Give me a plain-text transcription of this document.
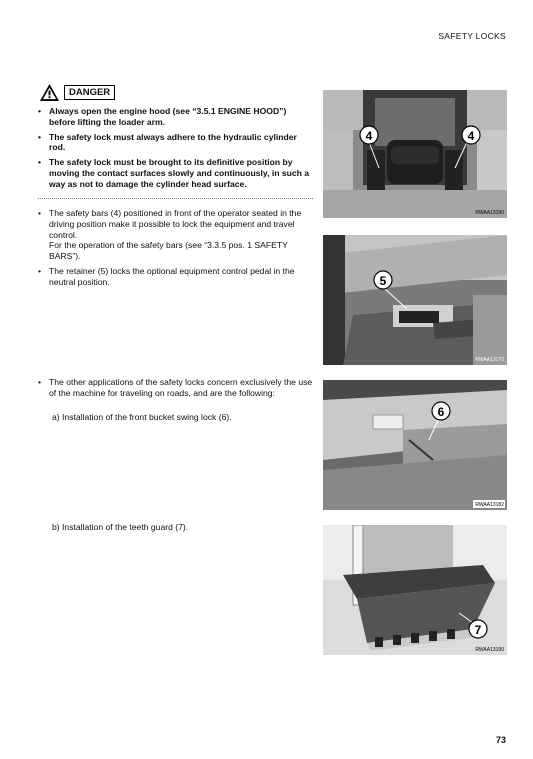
SAFETY LOCKS
DANGER
• Always open the engine hood (see “3.5.1 ENGINE HOOD”) before lifting the loader arm.
• The safety lock must always adhere to the hydraulic cylinder rod.
• The safety lock must be brought to its definitive position by moving the contact surfaces slowly and continuously, in such a way as not to damage the cylinder head surface.
• The safety bars (4) positioned in front of the operator seated in the driving position make it possible to lock the equipment and travel control.
For the operation of the safety bars (see “3.3.5 pos. 1 SAFETY BARS”).
• The retainer (5) locks the optional equipment control pedal in the neutral position.
• The other applications of the safety locks concern exclusively the use of the machine for traveling on roads, and are the following:
a) Installation of the front bucket swing lock (6).
b) Installation of the teeth guard (7).
4	4
RWAA13180
5
RWAA13170
6
RWAA13182
7
RWAA13190
73
